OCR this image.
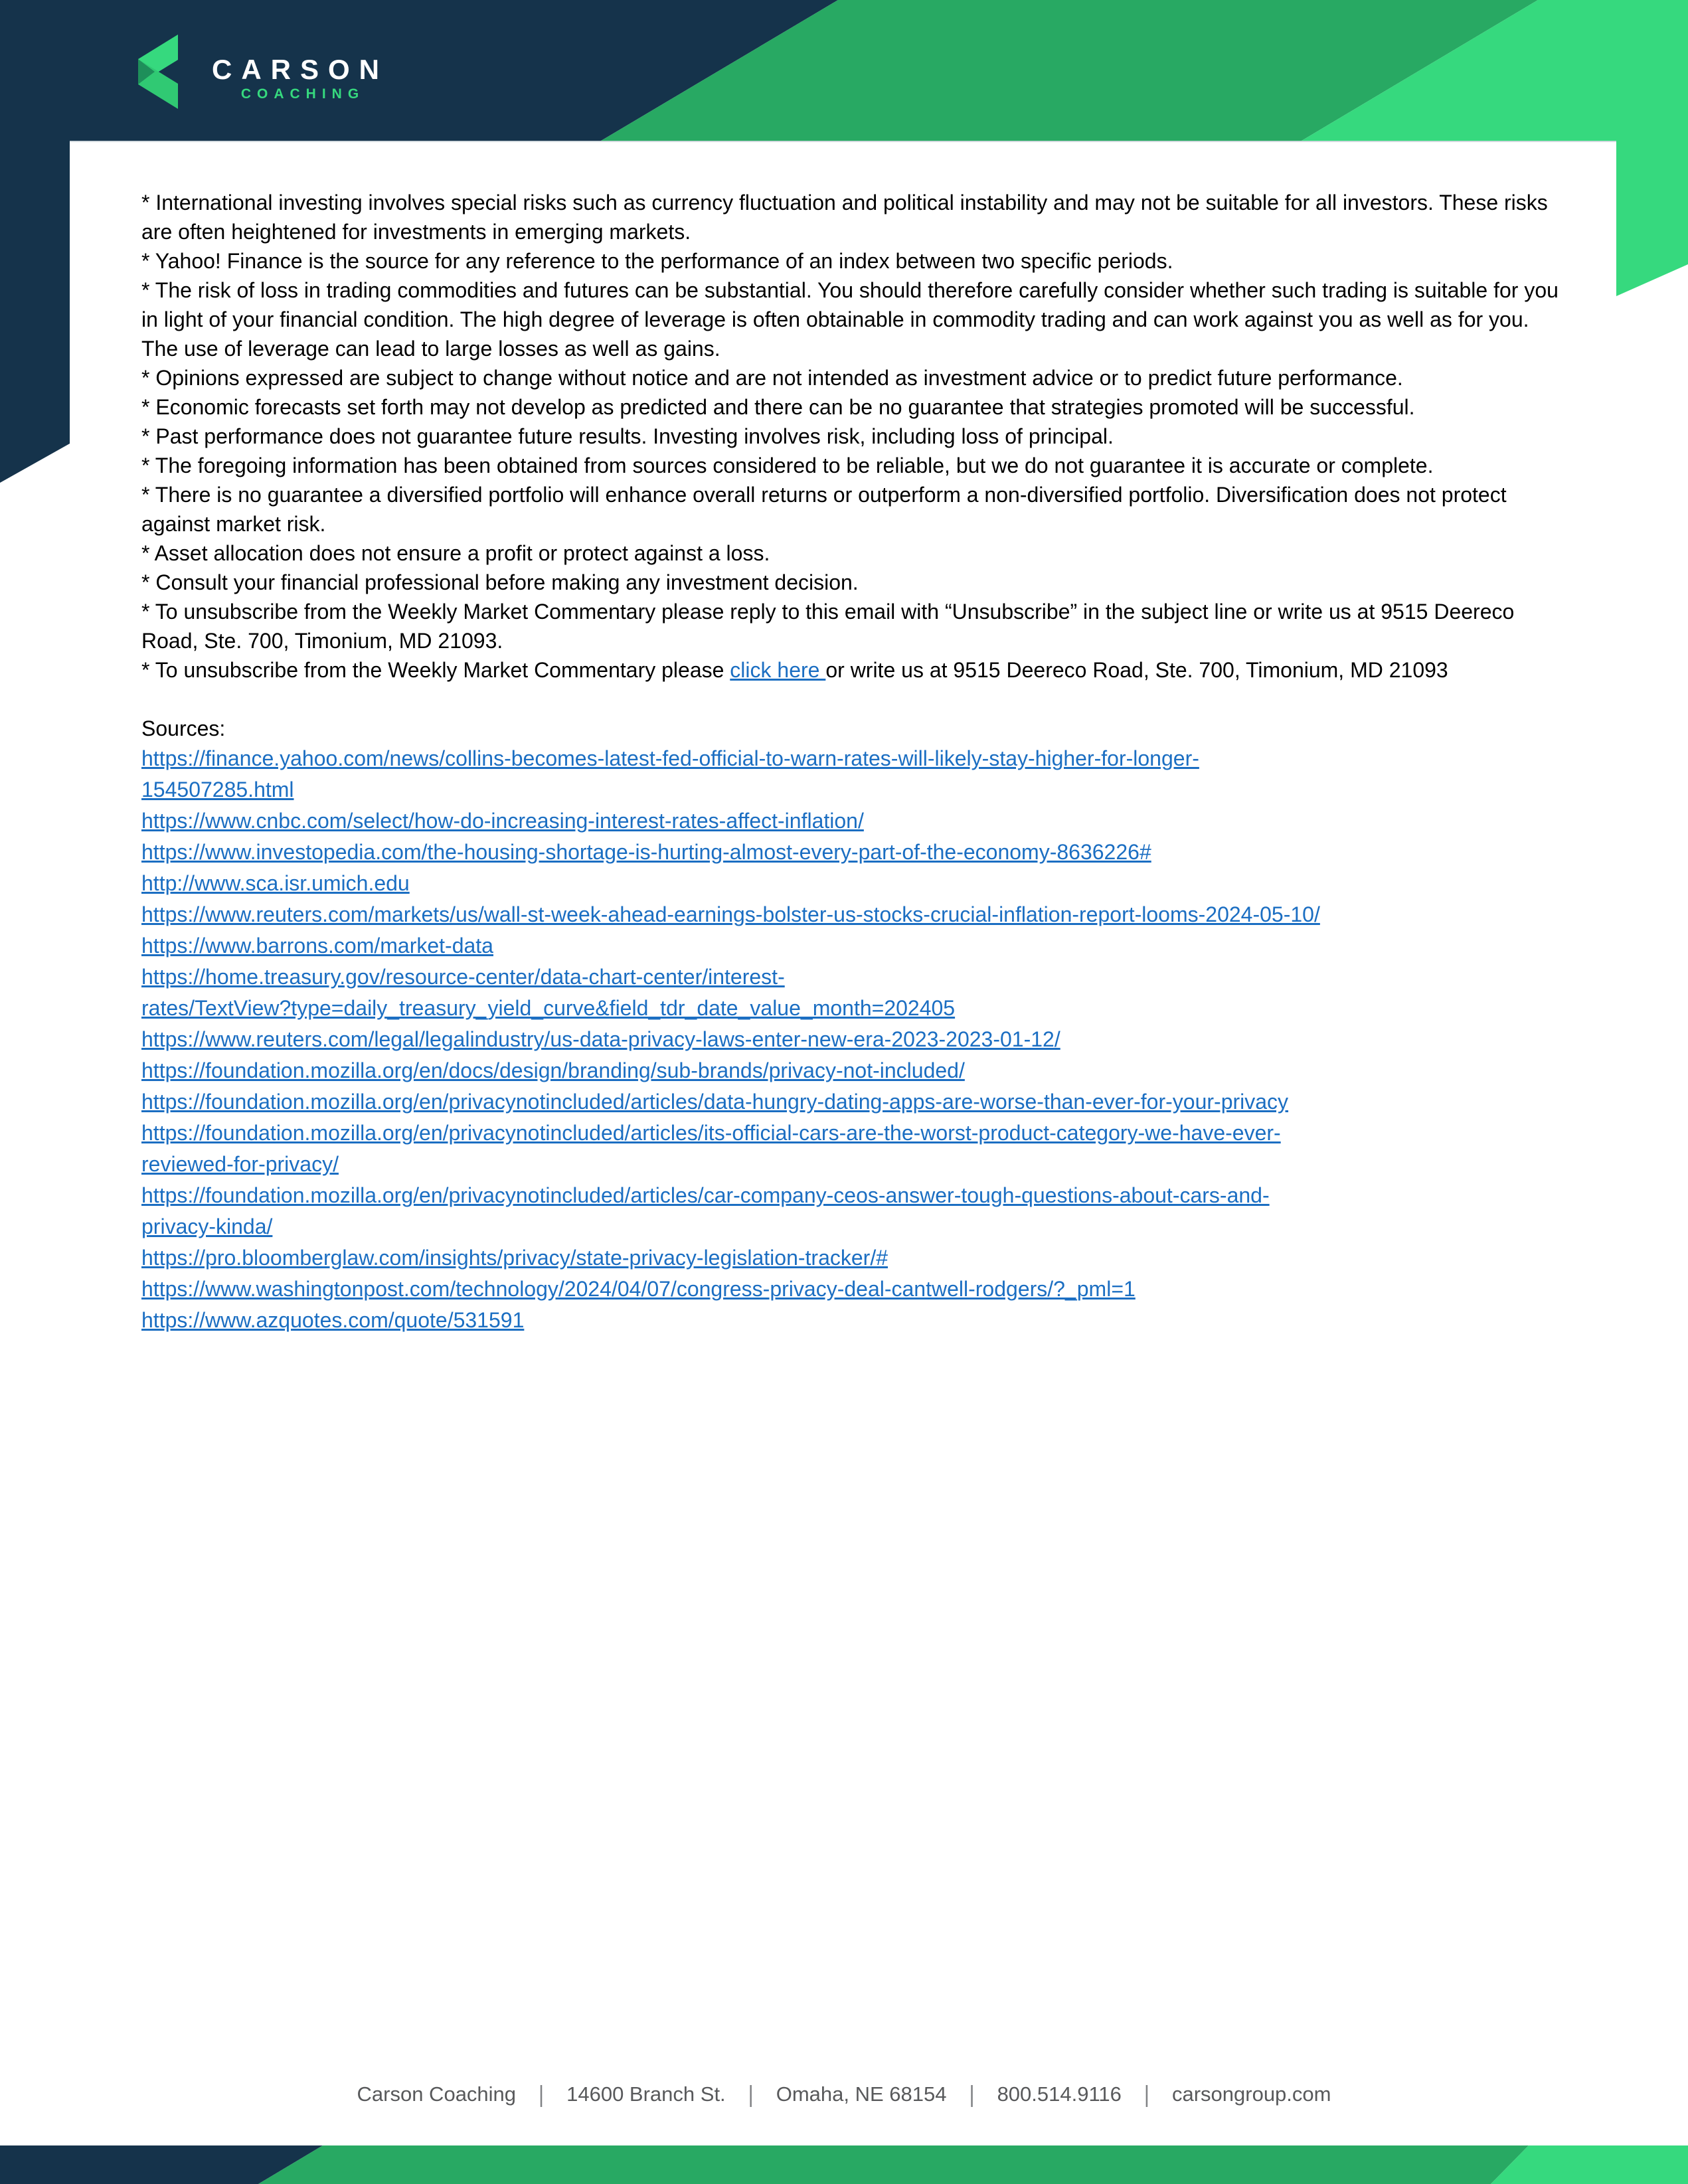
CARSON
COACHING

* International investing involves special risks such as currency fluctuation and political instability and may not be suitable for all investors. These risks are often heightened for investments in emerging markets.

* Yahoo! Finance is the source for any reference to the performance of an index between two specific periods.

* The risk of loss in trading commodities and futures can be substantial. You should therefore carefully consider whether such trading is suitable for you in light of your financial condition. The high degree of leverage is often obtainable in commodity trading and can work against you as well as for you. The use of leverage can lead to large losses as well as gains.

* Opinions expressed are subject to change without notice and are not intended as investment advice or to predict future performance.

* Economic forecasts set forth may not develop as predicted and there can be no guarantee that strategies promoted will be successful.

* Past performance does not guarantee future results. Investing involves risk, including loss of principal.

* The foregoing information has been obtained from sources considered to be reliable, but we do not guarantee it is accurate or complete.

* There is no guarantee a diversified portfolio will enhance overall returns or outperform a non-diversified portfolio. Diversification does not protect against market risk.

* Asset allocation does not ensure a profit or protect against a loss.

* Consult your financial professional before making any investment decision.

* To unsubscribe from the Weekly Market Commentary please reply to this email with “Unsubscribe” in the subject line or write us at 9515 Deereco Road, Ste. 700, Timonium, MD 21093.

* To unsubscribe from the Weekly Market Commentary please click here or write us at 9515 Deereco Road, Ste. 700, Timonium, MD 21093

Sources:

https://finance.yahoo.com/news/collins-becomes-latest-fed-official-to-warn-rates-will-likely-stay-higher-for-longer-
154507285.html
https://www.cnbc.com/select/how-do-increasing-interest-rates-affect-inflation/
https://www.investopedia.com/the-housing-shortage-is-hurting-almost-every-part-of-the-economy-8636226#
http://www.sca.isr.umich.edu
https://www.reuters.com/markets/us/wall-st-week-ahead-earnings-bolster-us-stocks-crucial-inflation-report-looms-2024-05-10/
https://www.barrons.com/market-data
https://home.treasury.gov/resource-center/data-chart-center/interest-
rates/TextView?type=daily_treasury_yield_curve&field_tdr_date_value_month=202405
https://www.reuters.com/legal/legalindustry/us-data-privacy-laws-enter-new-era-2023-2023-01-12/
https://foundation.mozilla.org/en/docs/design/branding/sub-brands/privacy-not-included/
https://foundation.mozilla.org/en/privacynotincluded/articles/data-hungry-dating-apps-are-worse-than-ever-for-your-privacy
https://foundation.mozilla.org/en/privacynotincluded/articles/its-official-cars-are-the-worst-product-category-we-have-ever-
reviewed-for-privacy/
https://foundation.mozilla.org/en/privacynotincluded/articles/car-company-ceos-answer-tough-questions-about-cars-and-
privacy-kinda/
https://pro.bloomberglaw.com/insights/privacy/state-privacy-legislation-tracker/#
https://www.washingtonpost.com/technology/2024/04/07/congress-privacy-deal-cantwell-rodgers/?_pml=1
https://www.azquotes.com/quote/531591
Carson Coaching | 14600 Branch St. | Omaha, NE 68154 | 800.514.9116 | carsongroup.com
